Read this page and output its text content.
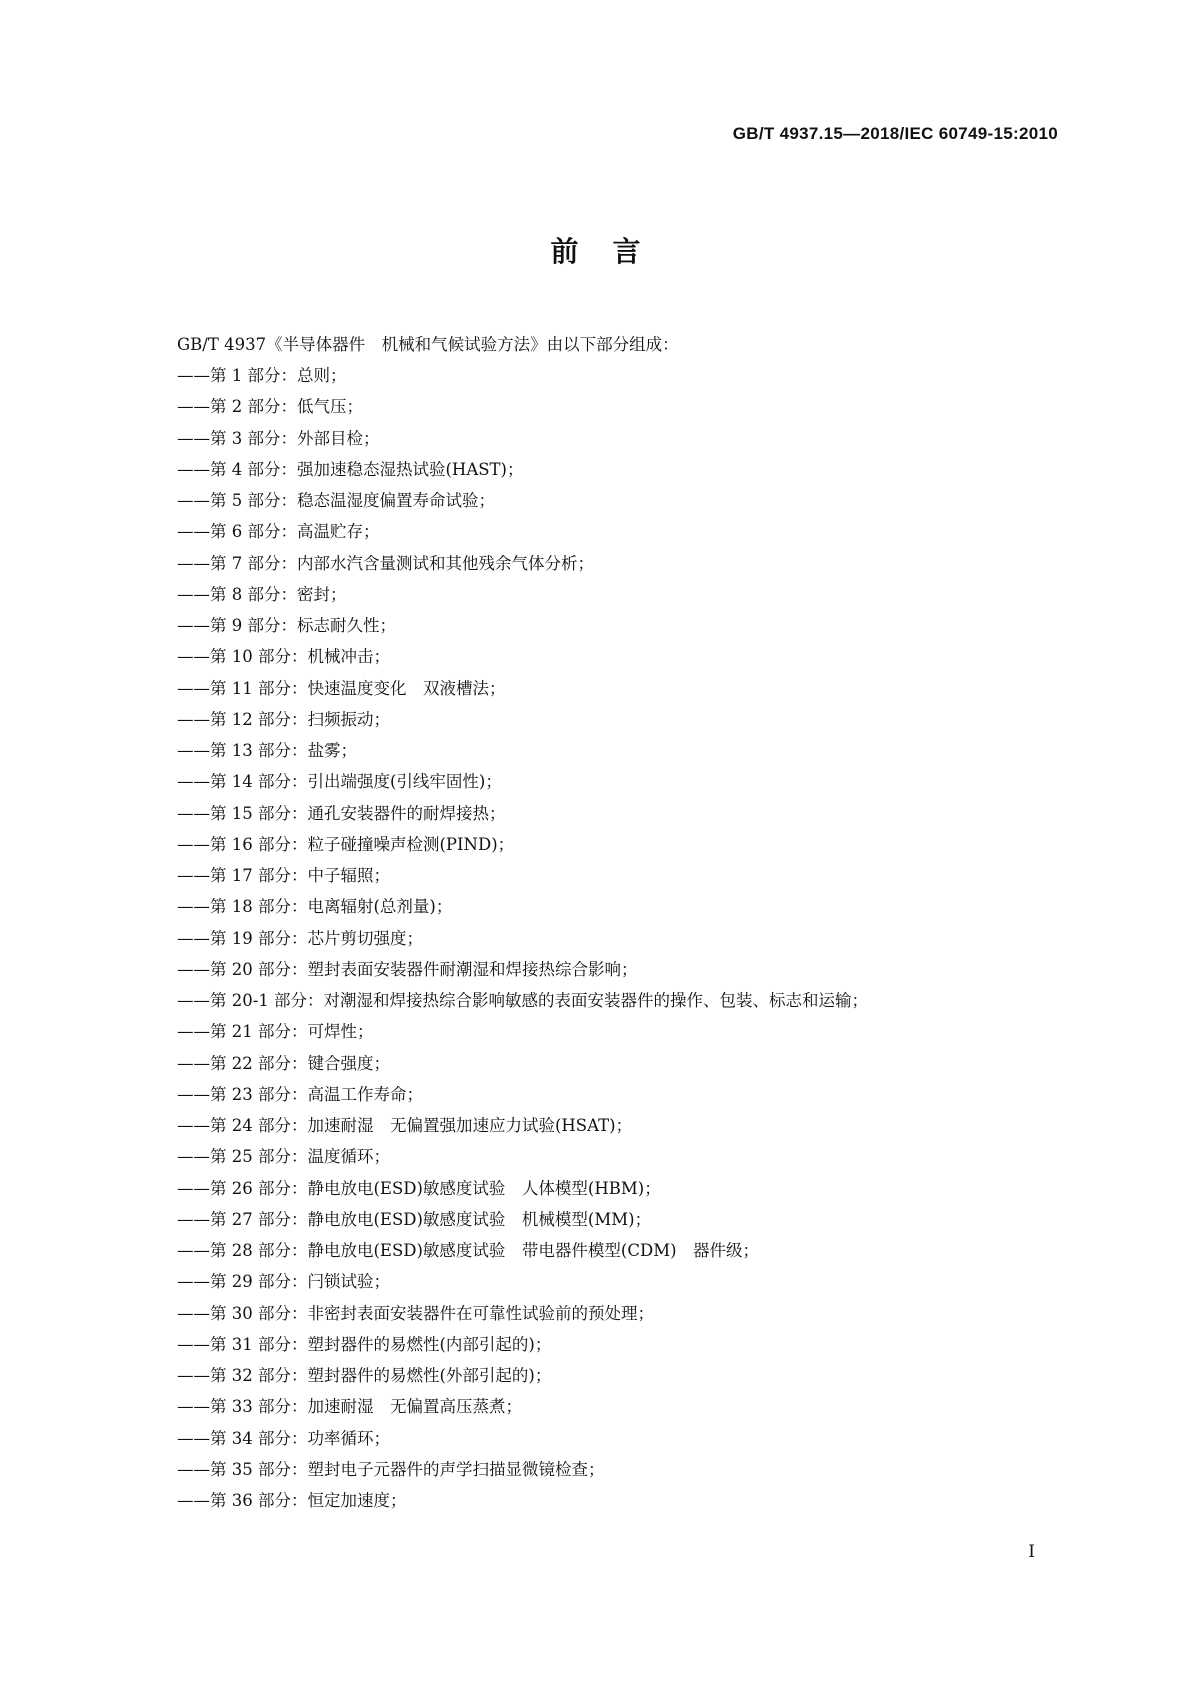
GB/T 4937.15—2018/IEC 60749-15:2010
前言
GB/T 4937《半导体器件　机械和气候试验方法》由以下部分组成：
——第 1 部分：总则；
——第 2 部分：低气压；
——第 3 部分：外部目检；
——第 4 部分：强加速稳态湿热试验(HAST)；
——第 5 部分：稳态温湿度偏置寿命试验；
——第 6 部分：高温贮存；
——第 7 部分：内部水汽含量测试和其他残余气体分析；
——第 8 部分：密封；
——第 9 部分：标志耐久性；
——第 10 部分：机械冲击；
——第 11 部分：快速温度变化　双液槽法；
——第 12 部分：扫频振动；
——第 13 部分：盐雾；
——第 14 部分：引出端强度(引线牢固性)；
——第 15 部分：通孔安装器件的耐焊接热；
——第 16 部分：粒子碰撞噪声检测(PIND)；
——第 17 部分：中子辐照；
——第 18 部分：电离辐射(总剂量)；
——第 19 部分：芯片剪切强度；
——第 20 部分：塑封表面安装器件耐潮湿和焊接热综合影响；
——第 20-1 部分：对潮湿和焊接热综合影响敏感的表面安装器件的操作、包装、标志和运输；
——第 21 部分：可焊性；
——第 22 部分：键合强度；
——第 23 部分：高温工作寿命；
——第 24 部分：加速耐湿　无偏置强加速应力试验(HSAT)；
——第 25 部分：温度循环；
——第 26 部分：静电放电(ESD)敏感度试验　人体模型(HBM)；
——第 27 部分：静电放电(ESD)敏感度试验　机械模型(MM)；
——第 28 部分：静电放电(ESD)敏感度试验　带电器件模型(CDM)　器件级；
——第 29 部分：闩锁试验；
——第 30 部分：非密封表面安装器件在可靠性试验前的预处理；
——第 31 部分：塑封器件的易燃性(内部引起的)；
——第 32 部分：塑封器件的易燃性(外部引起的)；
——第 33 部分：加速耐湿　无偏置高压蒸煮；
——第 34 部分：功率循环；
——第 35 部分：塑封电子元器件的声学扫描显微镜检查；
——第 36 部分：恒定加速度；
I
